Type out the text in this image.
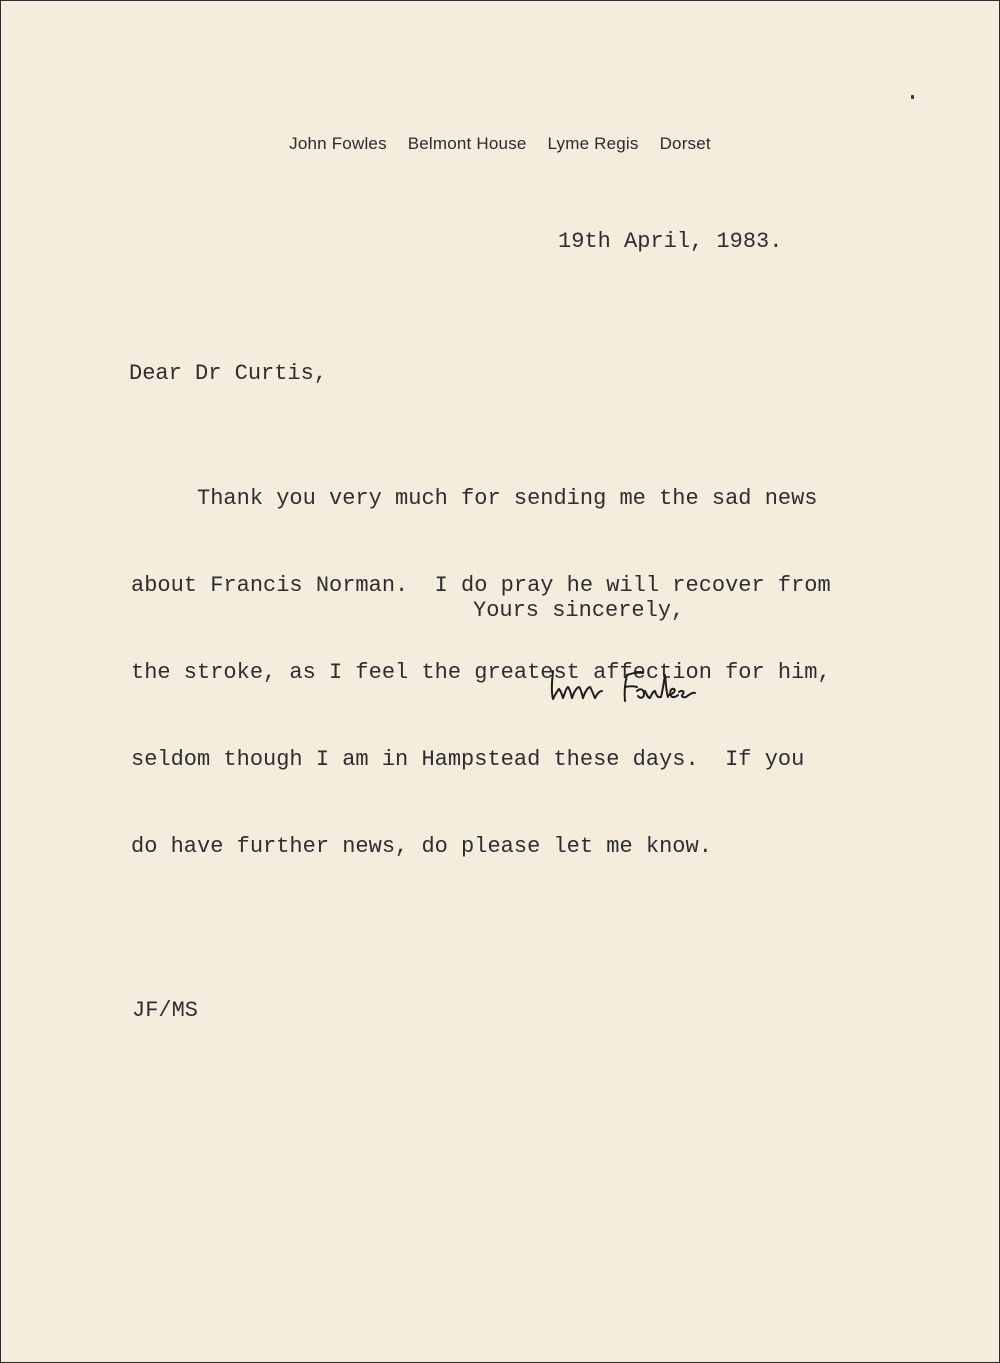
John Fowles Belmont House Lyme Regis Dorset
19th April, 1983.
Dear Dr Curtis,

Thank you very much for sending me the sad news

about Francis Norman.  I do pray he will recover from

the stroke, as I feel the greatest affection for him,

seldom though I am in Hampstead these days.  If you

do have further news, do please let me know.

Yours sincerely,
JF/MS
